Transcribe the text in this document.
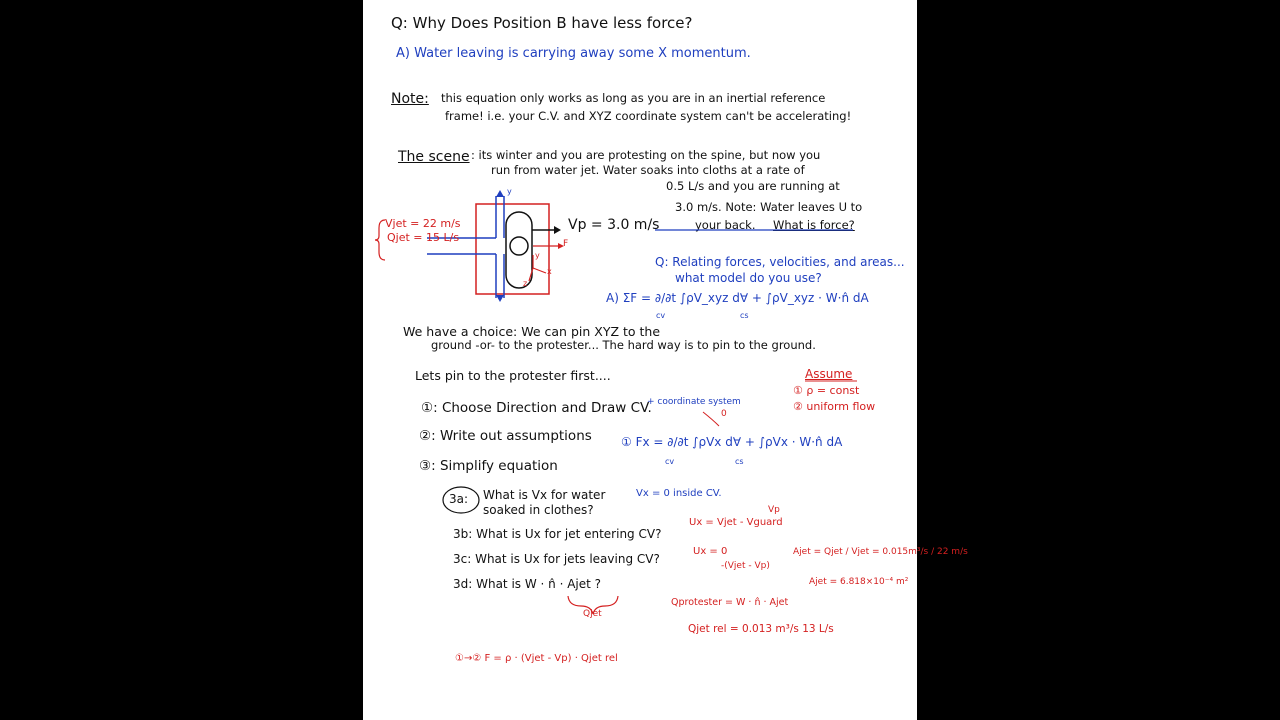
Q: Why Does Position B have less force?
A) Water leaving is carrying away some X momentum.
Note: this equation only works as long as you are in an inertial reference
frame! i.e. your C.V. and XYZ coordinate system can't be accelerating!
The scene : its winter and you are protesting on the spine, but now you
run from water jet. Water soaks into cloths at a rate of
0.5 L/s and you are running at
3.0 m/s. Note: Water leaves U to
your back. What is force?
Vjet = 22 m/s
Qjet = 15 L/s
Vp = 3.0 m/s
F
x
y
z
y
Q: Relating forces, velocities, and areas...
what model do you use?
A) ΣF = ∂/∂t ∫ρV_xyz d∀ + ∫ρV_xyz · W·n̂ dA
cv	cs
We have a choice: We can pin XYZ to the
ground -or- to the protester... The hard way is to pin to the ground.
Lets pin to the protester first....
①: Choose Direction and Draw CV.
+ coordinate system
②: Write out assumptions
③: Simplify equation
① Fx = ∂/∂t ∫ρVx d∀ + ∫ρVx · W·n̂ dA
cv	cs
0
Assume
① ρ = const
② uniform flow
3a: What is Vx for water
soaked in clothes?
Vx = 0 inside CV.
3b: What is Ux for jet entering CV?
Ux = Vjet - Vguard
Vp
3c: What is Ux for jets leaving CV?
Ux = 0
-(Vjet - Vp)
Ajet = Qjet / Vjet = 0.015m³/s / 22 m/s
Ajet = 6.818×10⁻⁴ m²
3d: What is W · n̂ · Ajet ?
Qjet
Qprotester = W · n̂ · Ajet
Qjet rel = 0.013 m³/s 13 L/s
①→② F = ρ · (Vjet - Vp) · Qjet rel
